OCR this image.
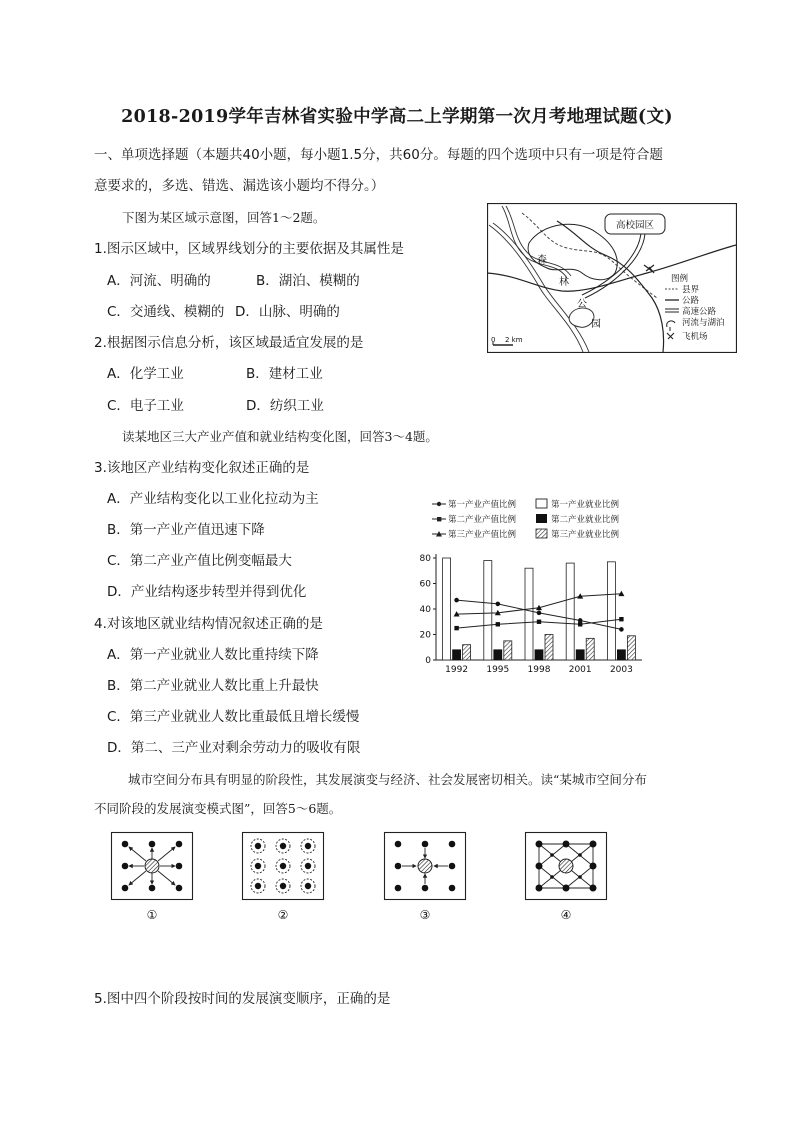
2018-2019学年吉林省实验中学高二上学期第一次月考地理试题(文)
一、单项选择题（本题共40小题，每小题1.5分，共60分。每题的四个选项中只有一项是符合题
意要求的，多选、错选、漏选该小题均不得分。）
下图为某区域示意图，回答1～2题。
1.图示区域中，区域界线划分的主要依据及其属性是
A．河流、明确的	B．湖泊、模糊的
C．交通线、模糊的 D．山脉、明确的
2.根据图示信息分析，该区域最适宜发展的是
A．化学工业	B．建材工业
C．电子工业	D．纺织工业
读某地区三大产业产值和就业结构变化图，回答3～4题。
3.该地区产业结构变化叙述正确的是
A．产业结构变化以工业化拉动为主
B．第一产业产值迅速下降
C．第二产业产值比例变幅最大
D．产业结构逐步转型并得到优化
4.对该地区就业结构情况叙述正确的是
A．第一产业就业人数比重持续下降
B．第二产业就业人数比重上升最快
C．第三产业就业人数比重最低且增长缓慢
D．第二、三产业对剩余劳动力的吸收有限
城市空间分布具有明显的阶段性，其发展演变与经济、社会发展密切相关。读“某城市空间分布
不同阶段的发展演变模式图”，回答5～6题。
5.图中四个阶段按时间的发展演变顺序，正确的是
高校园区
森
林
公
园
图例
县界
公路
高速公路
河流与湖泊
飞机场
0 2 km
第一产业产值比例	第一产业就业比例
第二产业产值比例	第二产业就业比例
第三产业产值比例	第三产业就业比例
0
20
40
60
80
1992 1995 1998 2001 2003
①	②	③	④
